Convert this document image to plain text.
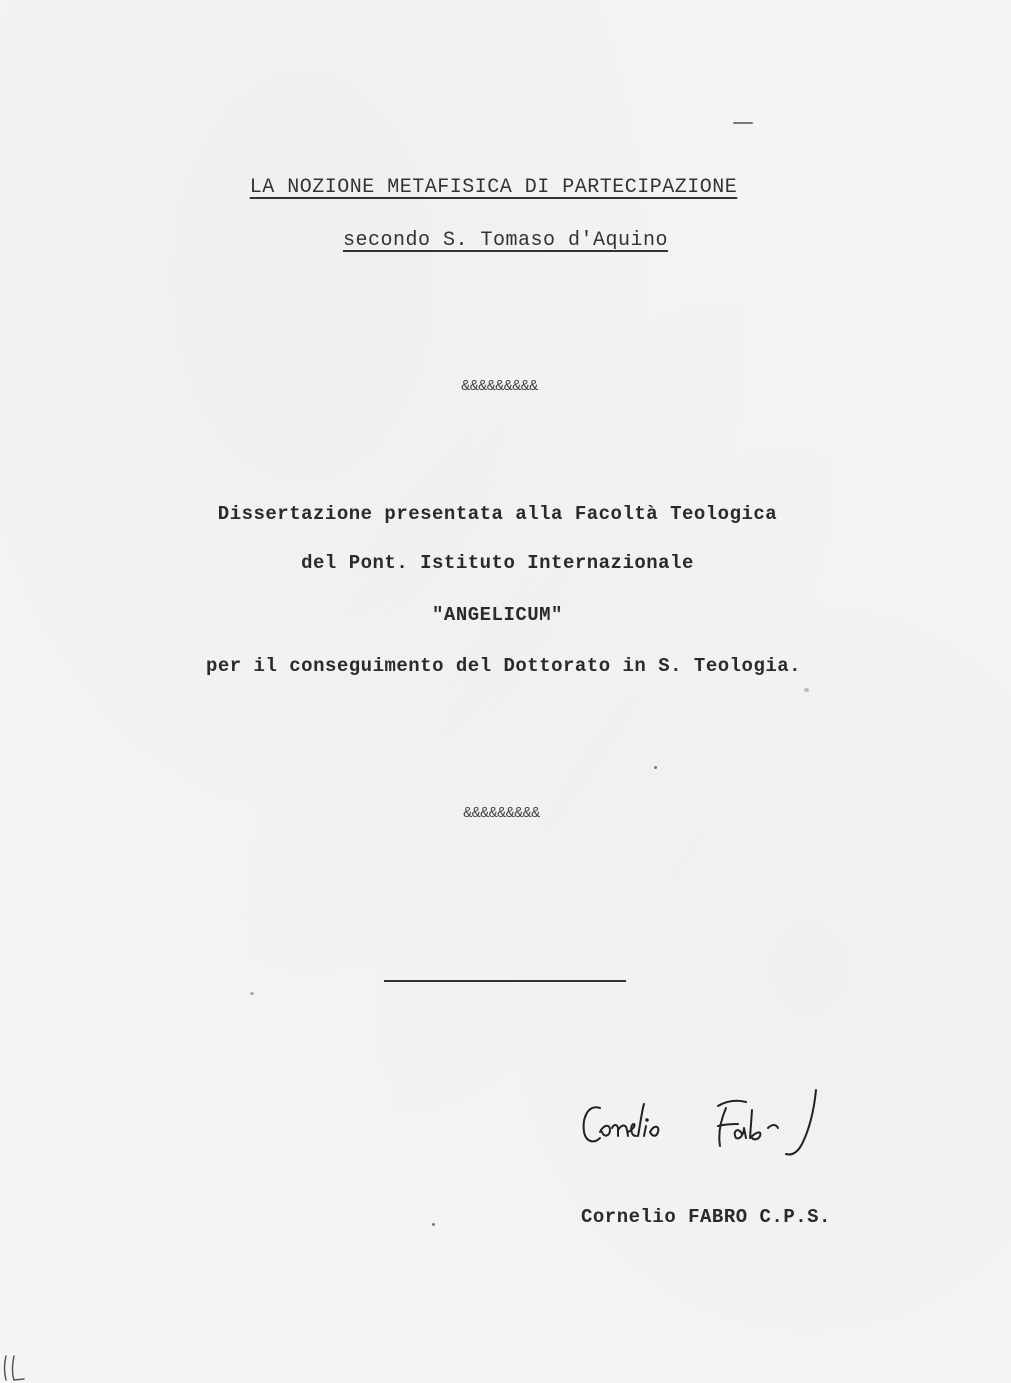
LA NOZIONE METAFISICA DI PARTECIPAZIONE
secondo S. Tomaso d'Aquino
&&&&&&&&&
Dissertazione presentata alla Facoltà Teologica
del Pont. Istituto Internazionale
"ANGELICUM"
per il conseguimento del Dottorato in S. Teologia.
&&&&&&&&&
Cornelio FABRO C.P.S.
